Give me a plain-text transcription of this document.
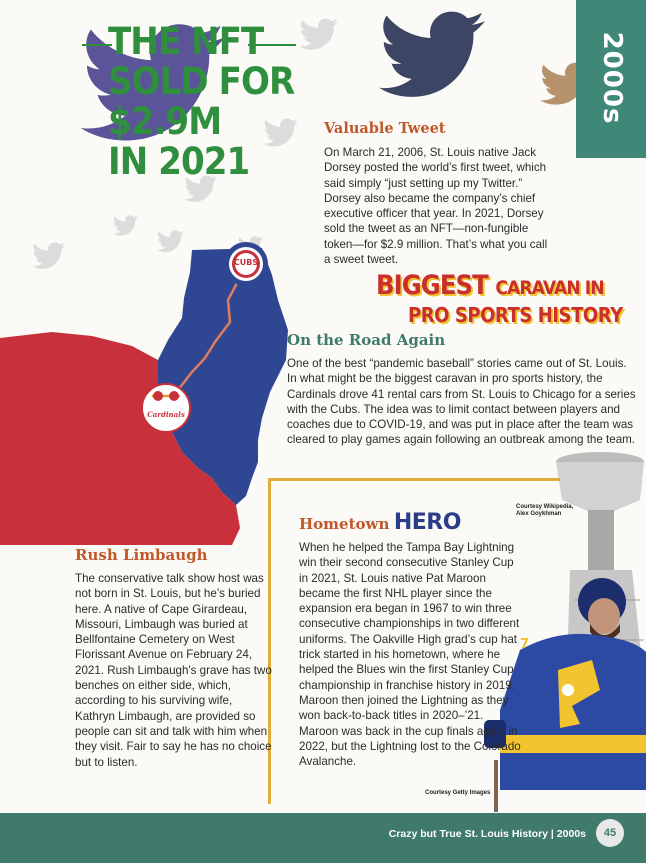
CUBS
Cardinals
2000s
THE NFT
SOLD FOR
$2.9M
IN 2021
Valuable Tweet
On March 21, 2006, St. Louis native Jack Dorsey posted the world’s first tweet, which said simply “just setting up my Twitter.” Dorsey also became the company’s chief executive officer that year. In 2021, Dorsey sold the tweet as an NFT—non-fungible token—for $2.9 million. That’s what you call a sweet tweet.
BIGGEST CARAVAN IN
PRO SPORTS HISTORY
On the Road Again
One of the best “pandemic baseball” stories came out of St. Louis. In what might be the biggest caravan in pro sports history, the Cardinals drove 41 rental cars from St. Louis to Chicago for a series with the Cubs. The idea was to limit contact between players and coaches due to COVID-19, and was put in place after the team was cleared to play games again following an outbreak among the team.
7
Hometown HERO
Courtesy Wikipedia,
Alex Goykhman
When he helped the Tampa Bay Lightning win their second consecutive Stanley Cup in 2021, St. Louis native Pat Maroon became the first NHL player since the expansion era began in 1967 to win three consecutive championships in two different uniforms. The Oakville High grad’s cup hat trick started in his hometown, where he helped the Blues win the first Stanley Cup championship in franchise history in 2019. Maroon then joined the Lightning as they won back-to-back titles in 2020–’21. Maroon was back in the cup finals again in 2022, but the Lightning lost to the Colorado Avalanche.
Courtesy Getty Images
Rush Limbaugh
The conservative talk show host was not born in St. Louis, but he’s buried here. A native of Cape Girardeau, Missouri, Limbaugh was buried at Bellfontaine Cemetery on West Florissant Avenue on February 24, 2021. Rush Limbaugh's grave has two benches on either side, which, according to his surviving wife, Kathryn Limbaugh, are provided so people can sit and talk with him when they visit. Fair to say he has no choice but to listen.
Crazy but True St. Louis History | 2000s	45
